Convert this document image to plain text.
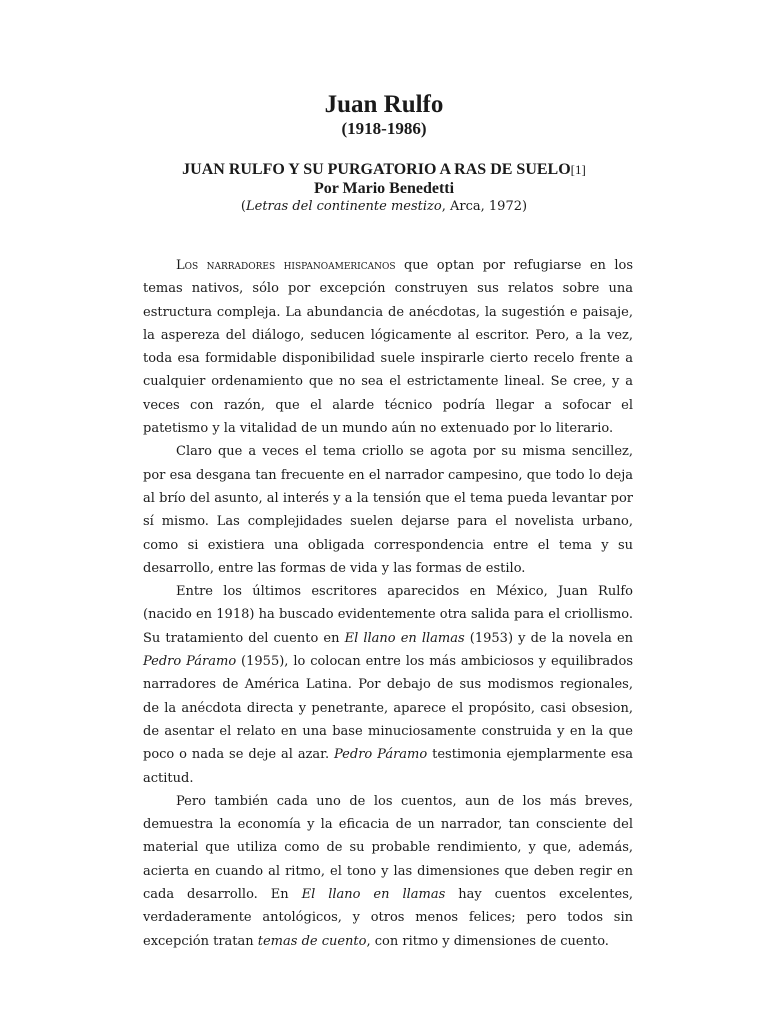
Juan Rulfo
(1918-1986)
JUAN RULFO Y SU PURGATORIO A RAS DE SUELO[1]
Por Mario Benedetti
(Letras del continente mestizo, Arca, 1972)

Los narradores hispanoamericanos que optan por refugiarse en los temas nativos, sólo por excepción construyen sus relatos sobre una estructura compleja. La abundancia de anécdotas, la sugestión e paisaje, la aspereza del diálogo, seducen lógicamente al escritor. Pero, a la vez, toda esa formidable disponibilidad suele inspirarle cierto recelo frente a cualquier ordenamiento que no sea el estrictamente lineal. Se cree, y a veces con razón, que el alarde técnico podría llegar a sofocar el patetismo y la vitalidad de un mundo aún no extenuado por lo literario.

Claro que a veces el tema criollo se agota por su misma sencillez, por esa desgana tan frecuente en el narrador campesino, que todo lo deja al brío del asunto, al interés y a la tensión que el tema pueda levantar por sí mismo. Las complejidades suelen dejarse para el novelista urbano, como si existiera una obligada correspondencia entre el tema y su desarrollo, entre las formas de vida y las formas de estilo.

Entre los últimos escritores aparecidos en México, Juan Rulfo (nacido en 1918) ha buscado evidentemente otra salida para el criollismo. Su tratamiento del cuento en El llano en llamas (1953) y de la novela en Pedro Páramo (1955), lo colocan entre los más ambiciosos y equilibrados narradores de América Latina. Por debajo de sus modismos regionales, de la anécdota directa y penetrante, aparece el propósito, casi obsesion, de asentar el relato en una base minuciosamente construida y en la que poco o nada se deje al azar. Pedro Páramo testimonia ejemplarmente esa actitud.

Pero también cada uno de los cuentos, aun de los más breves, demuestra la economía y la eficacia de un narrador, tan consciente del material que utiliza como de su probable rendimiento, y que, además, acierta en cuando al ritmo, el tono y las dimensiones que deben regir en cada desarrollo. En El llano en llamas hay cuentos excelentes, verdaderamente antológicos, y otros menos felices; pero todos sin excepción tratan temas de cuento, con ritmo y dimensiones de cuento.
